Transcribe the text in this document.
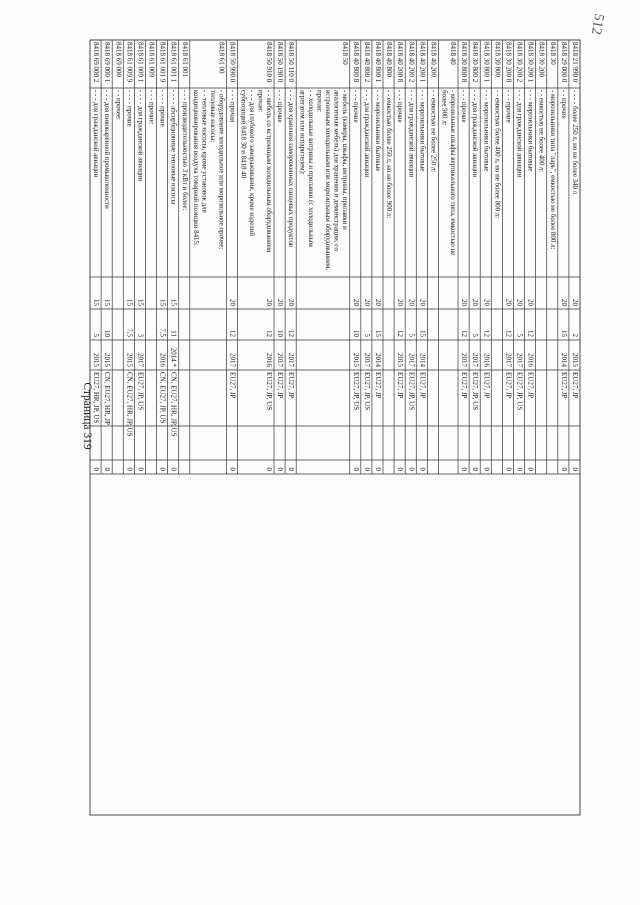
8418 21 990 0
- - - - более 250 л, но не более 340 л
20
2
2015
EU27, JP
0
8418 29 000 0
- - прочие
20
15
2014
EU27, JP
0
8418 30
- морозильники типа "ларь", емкостью не более 800 л:
8418 30 200
- - емкостью не более 400 л:
8418 30 200 1
- - - морозильники бытовые
20
12
2016
EU27, JP
0
8418 30 200 2
- - - для гражданской авиации
20
5
2017
EU27, JP, US
0
8418 30 200 8
- - - прочие
20
12
2017
EU27, JP
0
8418 30 800
- - емкостью более 400 л, но не более 800 л:
8418 30 800 1
- - - морозильники бытовые
20
12
2016
EU27, JP
0
8418 30 800 2
- - - для гражданской авиации
20
5
2017
EU27, JP, US
0
8418 30 800 8
- - - прочие
20
12
2017
EU27, JP
0
8418 40
- морозильные шкафы вертикального типа, емкостью неболее 900 л:
8418 40 200
- - емкостью не более 250 л:
8418 40 200 1
- - - морозильники бытовые
20
15
2014
EU27, JP
0
8418 40 200 2
- - - для гражданской авиации
20
5
2017
EU27, JP, US
0
8418 40 200 8
- - - прочие
20
12
2015
EU27, JP
0
8418 40 800
- - емкостью более 250 л, но не более 900 л:
8418 40 800 1
- - - морозильники бытовые
20
15
2014
EU27, JP
0
8418 40 800 2
- - - для гражданской авиации
20
5
2017
EU27, JP, US
0
8418 40 800 8
- - - прочие
20
10
2015
EU27, JP, US
0
8418 50
- мебель (камеры, шкафы, витрины, прилавки ианалогичная мебель) для хранения и демонстрации, совстроенным холодильным или морозильным оборудованием,прочая:- - холодильные витрины и прилавки (с холодильнымагрегатом или испарителем):
8418 50 110 0
- - - для хранения замороженных пищевых продуктов
20
12
2017
EU27, JP
0
8418 50 190 0
- - - прочие
20
10
2017
EU27, JP
0
8418 50 910 0
- - мебель со встроенным холодильным оборудованиемпрочая:- - - для глубокого замораживания, кроме изделийсубпозиций 8418 30 и 8418 40
20
12
2016
EU27, JP, US
0
8418 50 990 0
- - - прочая
20
12
2017
EU27, JP
0
8418 61 00
- оборудование холодильное или морозильное прочее;тепловые насосы:- - тепловые насосы, кроме установок длякондиционирования воздуха товарной позиции 8415:
8418 61 001
- - - производительностью 3 кВт и более:
8418 61 001 1
- - - - абсорбционные тепловые насосы
15
11
2014 *
CN, EU27, HR, JP, US
0
8418 61 001 9
- - - - прочие
15
7,5
2016
CN, EU27, JP, US
0
8418 61 009
- - - прочие:
8418 61 009 1
- - - - для гражданской авиации
15
3
2017
EU27, JP, US
0
8418 61 009 9
- - - - прочие
15
7,5
2015
CN, EU27, HR, JP, US
0
8418 69 000
- - прочее:
8418 69 000 1
- - - для пивоваренной промышленности
15
10
2015
CN, EU27, HR, JP
0
8418 69 000 2
- - - для гражданской авиации
15
5
2015
EU27, HR, JP, US
0
Страница 319
512
